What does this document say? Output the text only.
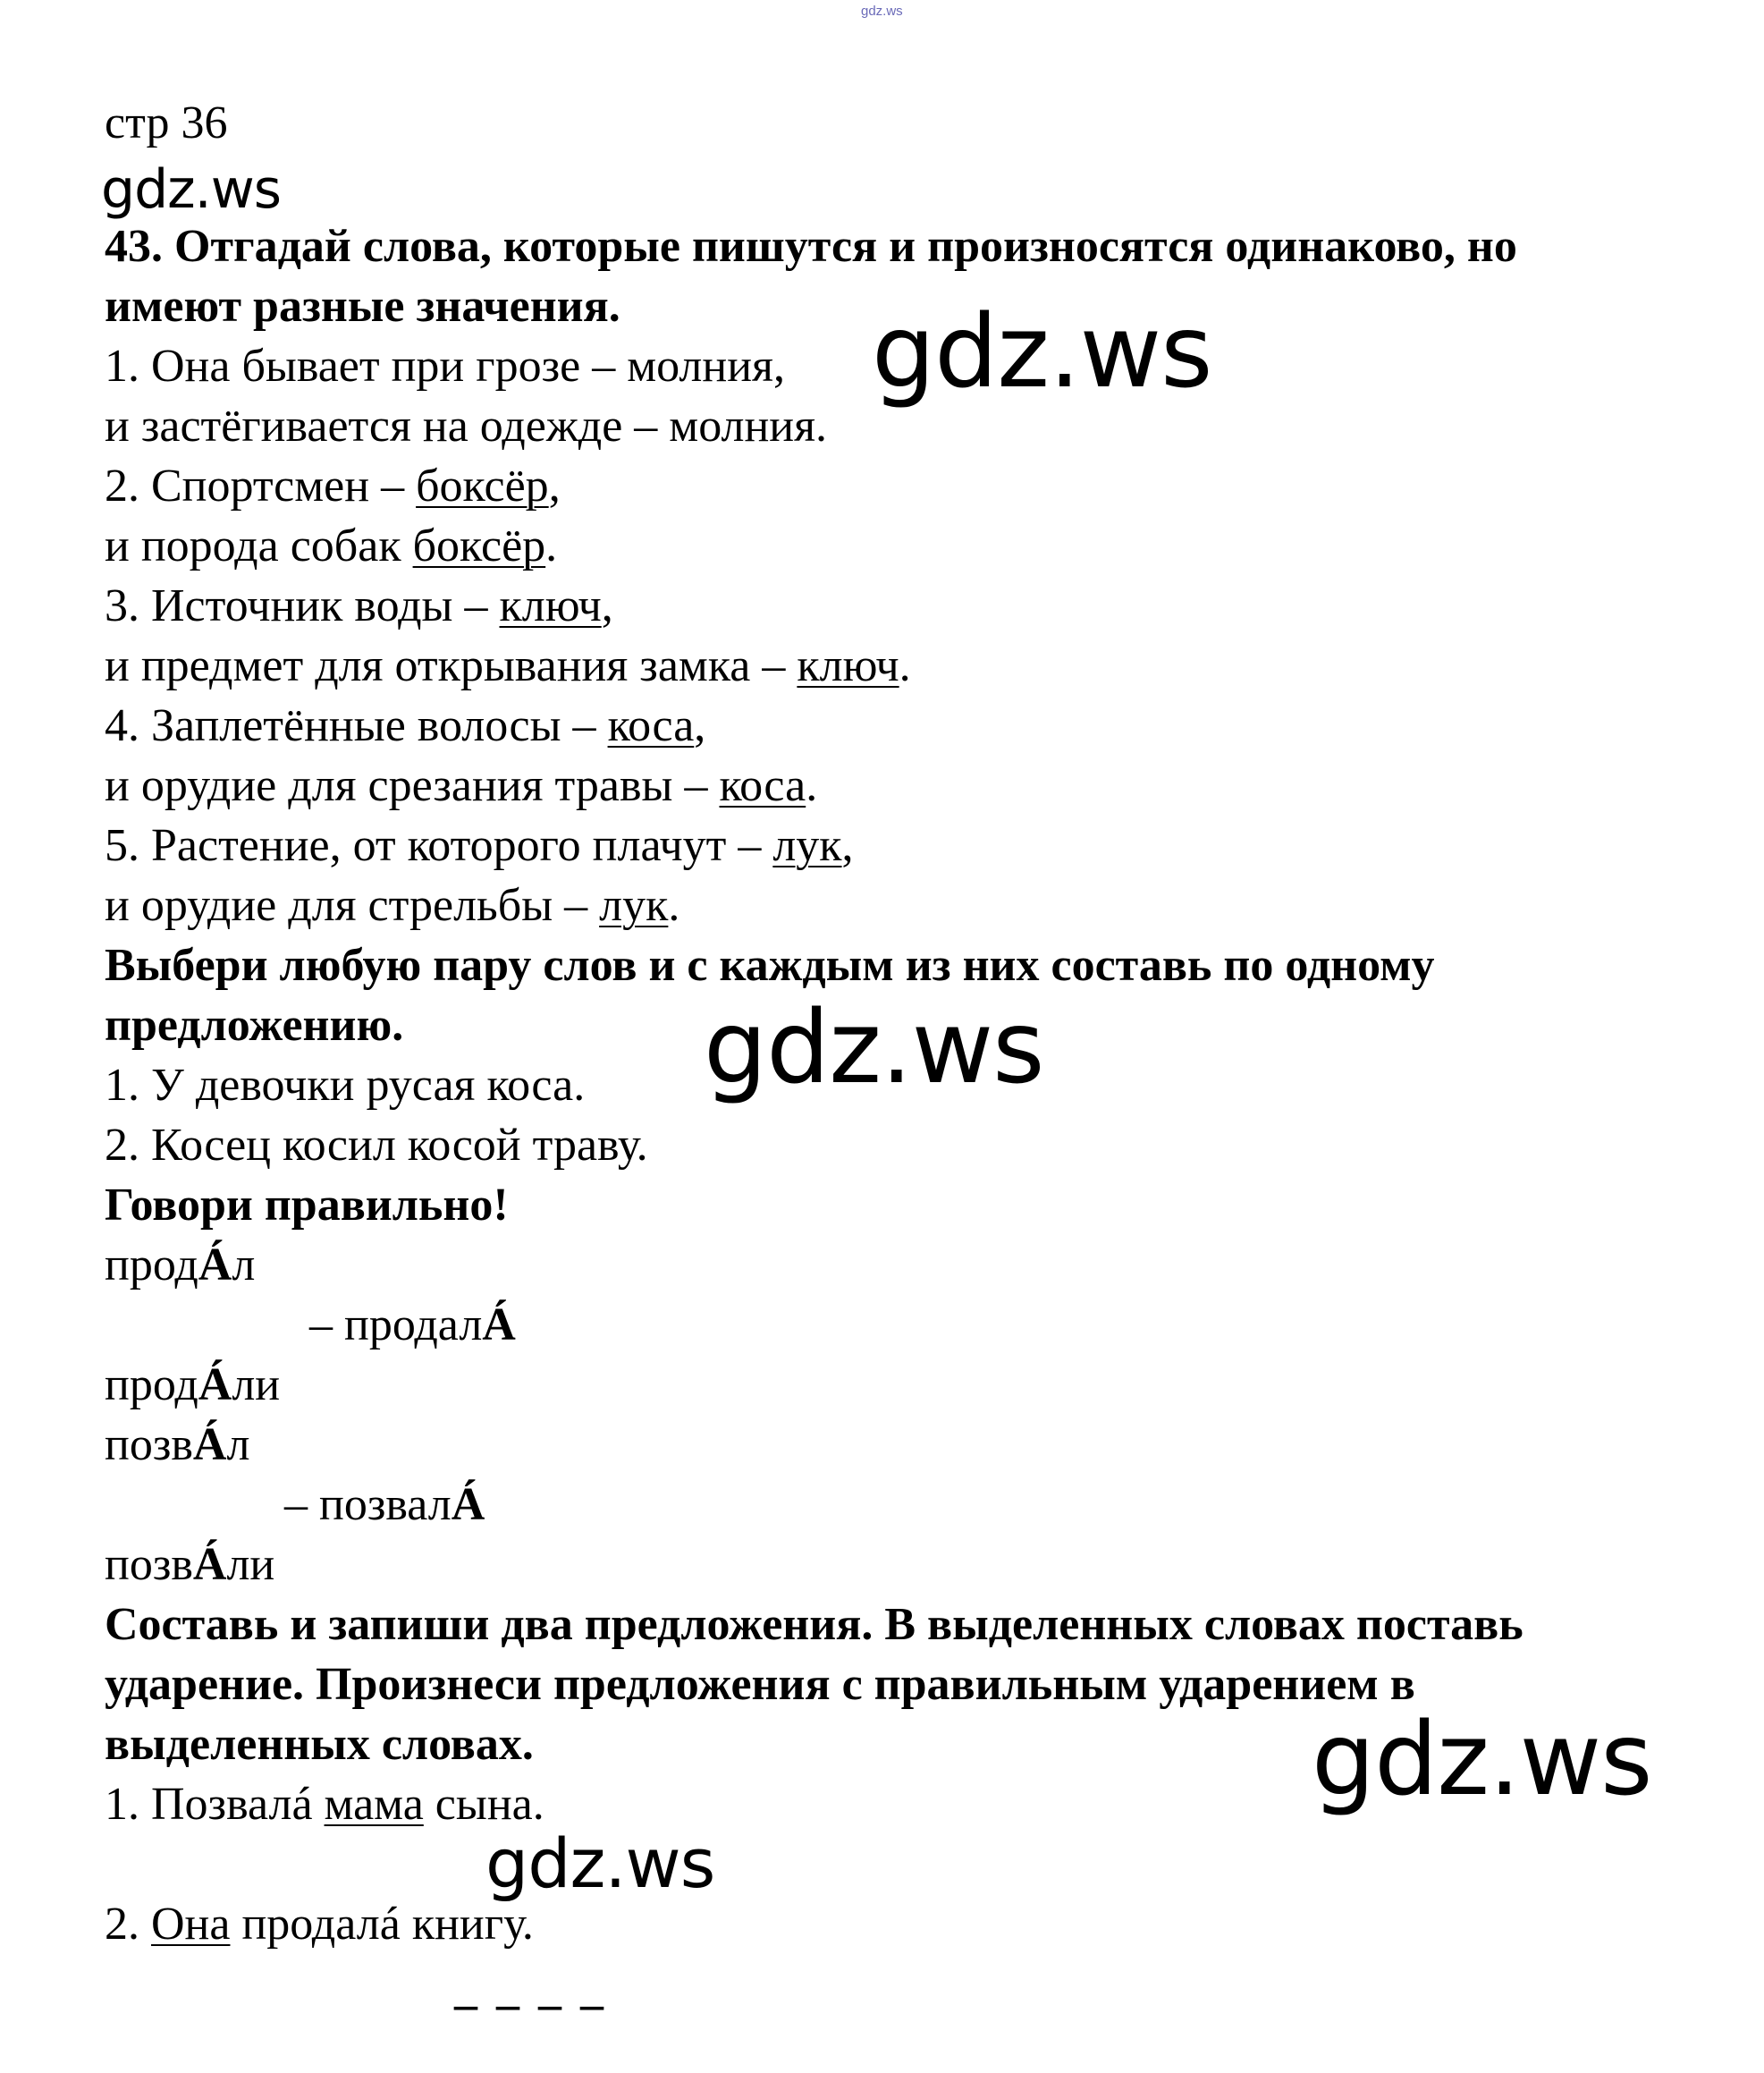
gdz.ws
стр 36
gdz.ws
43. Отгадай слова, которые пишутся и произносятся одинаково, но
имеют разные значения.
1. Она бывает при грозе – молния,
и застёгивается на одежде – молния.
2. Спортсмен – боксёр,
и порода собак боксёр.
3. Источник воды – ключ,
и предмет для открывания замка – ключ.
4. Заплетённые волосы – коса,
и орудие для срезания травы – коса.
5. Растение, от которого плачут – лук,
и орудие для стрельбы – лук.
Выбери любую пару слов и с каждым из них составь по одному
предложению.
1. У девочки русая коса.
2. Косец косил косой траву.
Говори правильно!
продÁл
– продалÁ
продÁли
позвÁл
– позвалÁ
позвÁли
Составь и запиши два предложения. В выделенных словах поставь
ударение. Произнеси предложения с правильным ударением в
выделенных словах.
1. Позвалá мама сына.
2. Она продалá книгу.
– – – –
gdz.ws
gdz.ws
gdz.ws
gdz.ws
